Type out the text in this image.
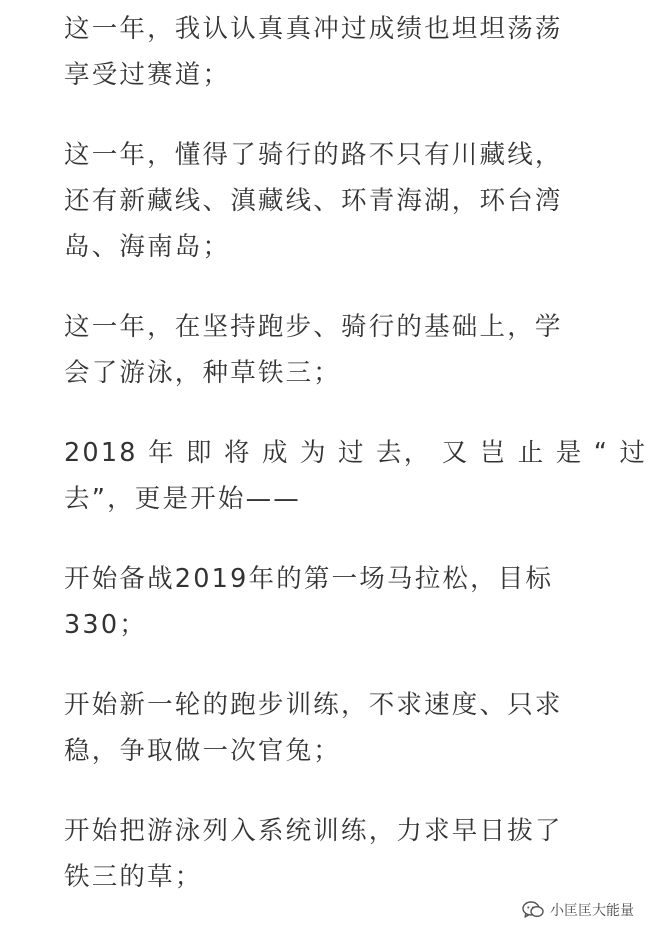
这一年，我认认真真冲过成绩也坦坦荡荡
享受过赛道；

这一年，懂得了骑行的路不只有川藏线，
还有新藏线、滇藏线、环青海湖，环台湾
岛、海南岛；

这一年，在坚持跑步、骑行的基础上，学
会了游泳，种草铁三；

2018 年 即 将 成 为 过 去， 又 岂 止 是 “ 过
去”，更是开始——

开始备战2019年的第一场马拉松，目标
330；

开始新一轮的跑步训练，不求速度、只求
稳，争取做一次官兔；

开始把游泳列入系统训练，力求早日拔了
铁三的草；

小匡匡大能量
